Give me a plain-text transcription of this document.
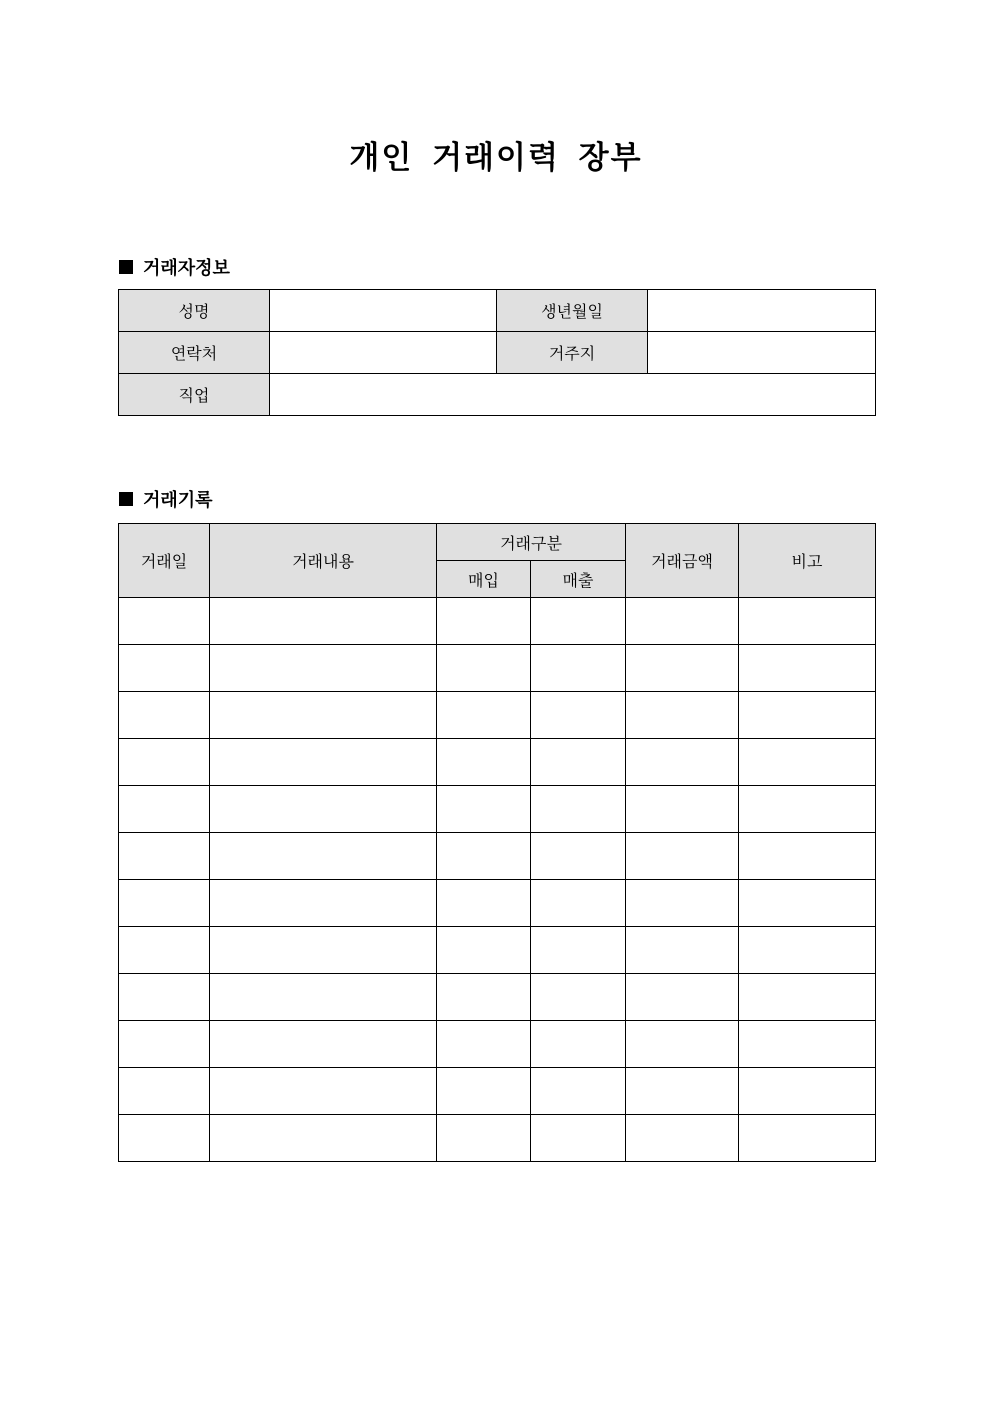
개인 거래이력 장부
거래자정보
성명		생년월일	
연락처		거주지	
직업			
거래기록
거래일	거래내용	거래구분		거래금액	비고
		매입	매출		
